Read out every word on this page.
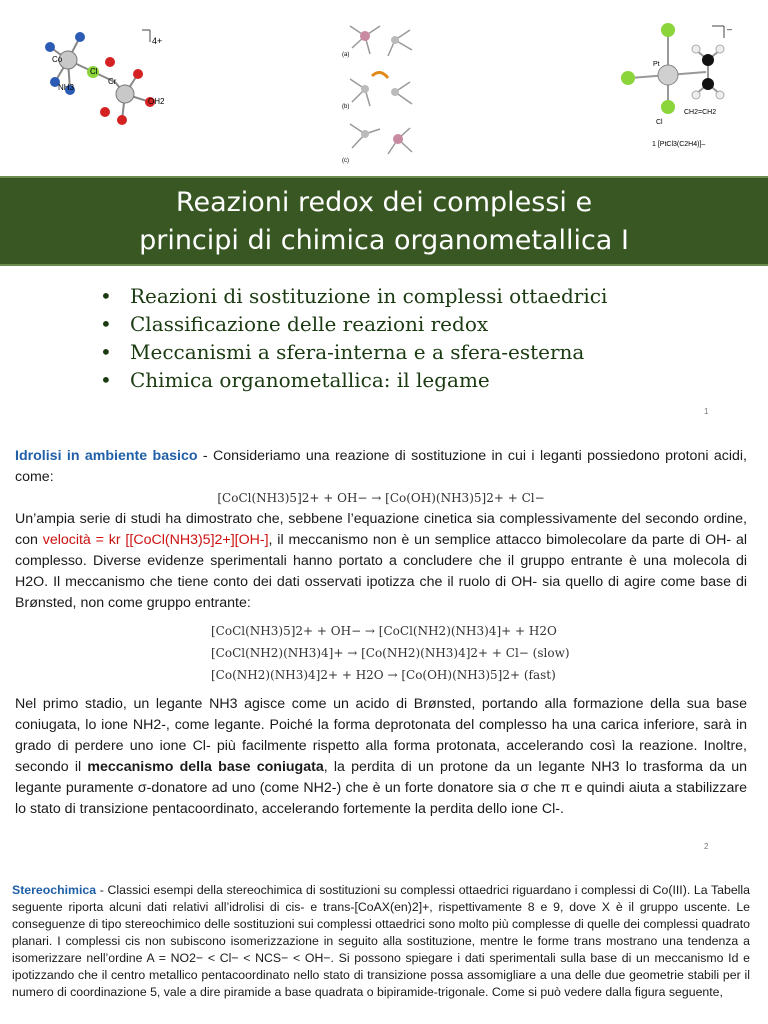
Co
Cl
Cr
NH3
OH2
4+
(a)
(b)
(c)
–
Pt
Cl
CH2=CH2
1 [PtCl3(C2H4)]–
Reazioni redox dei complessi e
principi di chimica organometallica I
• Reazioni di sostituzione in complessi ottaedrici
• Classificazione delle reazioni redox
• Meccanismi a sfera-interna e a sfera-esterna
• Chimica organometallica: il legame
1

Idrolisi in ambiente basico - Consideriamo una reazione di sostituzione in cui i leganti possiedono protoni acidi, come:

[CoCl(NH3)5]2+ + OH− → [Co(OH)(NH3)5]2+ + Cl−

Un’ampia serie di studi ha dimostrato che, sebbene l’equazione cinetica sia complessivamente del secondo ordine, con velocità = kr [[CoCl(NH3)5]2+][OH-], il meccanismo non è un semplice attacco bimolecolare da parte di OH- al complesso. Diverse evidenze sperimentali hanno portato a concludere che il gruppo entrante è una molecola di H2O. Il meccanismo che tiene conto dei dati osservati ipotizza che il ruolo di OH- sia quello di agire come base di Brønsted, non come gruppo entrante:

[CoCl(NH3)5]2+ + OH− → [CoCl(NH2)(NH3)4]+ + H2O
[CoCl(NH2)(NH3)4]+ → [Co(NH2)(NH3)4]2+ + Cl− (slow)
[Co(NH2)(NH3)4]2+ + H2O → [Co(OH)(NH3)5]2+ (fast)

Nel primo stadio, un legante NH3 agisce come un acido di Brønsted, portando alla formazione della sua base coniugata, lo ione NH2-, come legante. Poiché la forma deprotonata del complesso ha una carica inferiore, sarà in grado di perdere uno ione Cl- più facilmente rispetto alla forma protonata, accelerando così la reazione. Inoltre, secondo il meccanismo della base coniugata, la perdita di un protone da un legante NH3 lo trasforma da un legante puramente σ-donatore ad uno (come NH2-) che è un forte donatore sia σ che π e quindi aiuta a stabilizzare lo stato di transizione pentacoordinato, accelerando fortemente la perdita dello ione Cl-.

2

Stereochimica - Classici esempi della stereochimica di sostituzioni su complessi ottaedrici riguardano i complessi di Co(III). La Tabella seguente riporta alcuni dati relativi all’idrolisi di cis- e trans-[CoAX(en)2]+, rispettivamente 8 e 9, dove X è il gruppo uscente. Le conseguenze di tipo stereochimico delle sostituzioni sui complessi ottaedrici sono molto più complesse di quelle dei complessi quadrato planari. I complessi cis non subiscono isomerizzazione in seguito alla sostituzione, mentre le forme trans mostrano una tendenza a isomerizzare nell’ordine A = NO2− < Cl− < NCS− < OH−. Si possono spiegare i dati sperimentali sulla base di un meccanismo Id e ipotizzando che il centro metallico pentacoordinato nello stato di transizione possa assomigliare a una delle due geometrie stabili per il numero di coordinazione 5, vale a dire piramide a base quadrata o bipiramide-trigonale. Come si può vedere dalla figura seguente,
